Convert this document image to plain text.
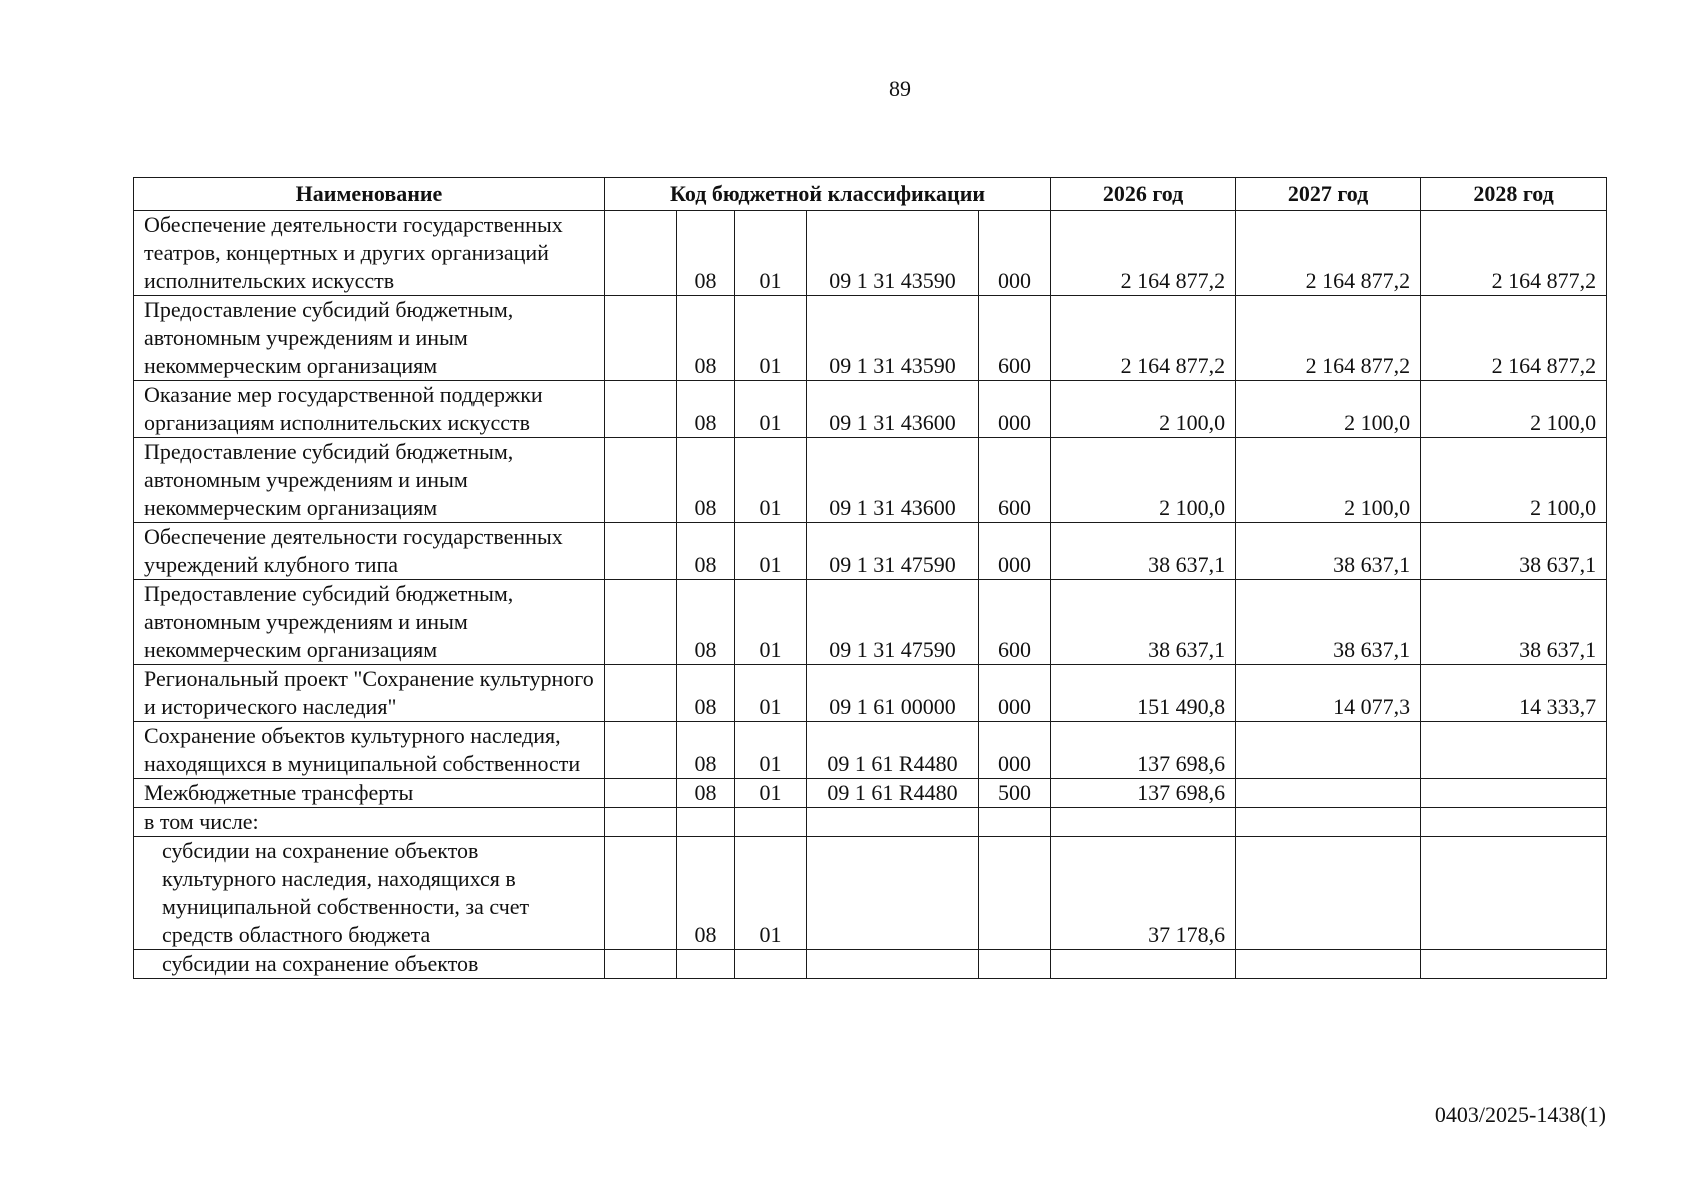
89
Наименование	Код бюджетной классификации					2026 год	2027 год	2028 год
Обеспечение деятельности государственных театров, концертных и других организаций исполнительских искусств		08	01	09 1 31 43590	000	2 164 877,2	2 164 877,2	2 164 877,2
Предоставление субсидий бюджетным, автономным учреждениям и иным некоммерческим организациям		08	01	09 1 31 43590	600	2 164 877,2	2 164 877,2	2 164 877,2
Оказание мер государственной поддержки организациям исполнительских искусств		08	01	09 1 31 43600	000	2 100,0	2 100,0	2 100,0
Предоставление субсидий бюджетным, автономным учреждениям и иным некоммерческим организациям		08	01	09 1 31 43600	600	2 100,0	2 100,0	2 100,0
Обеспечение деятельности государственных учреждений клубного типа		08	01	09 1 31 47590	000	38 637,1	38 637,1	38 637,1
Предоставление субсидий бюджетным, автономным учреждениям и иным некоммерческим организациям		08	01	09 1 31 47590	600	38 637,1	38 637,1	38 637,1
Региональный проект "Сохранение культурного и исторического наследия"		08	01	09 1 61 00000	000	151 490,8	14 077,3	14 333,7
Сохранение объектов культурного наследия, находящихся в муниципальной собственности		08	01	09 1 61 R4480	000	137 698,6		
Межбюджетные трансферты		08	01	09 1 61 R4480	500	137 698,6		
в том числе:								
субсидии на сохранение объектов культурного наследия, находящихся в муниципальной собственности, за счет средств областного бюджета		08	01			37 178,6		
субсидии на сохранение объектов								
0403/2025-1438(1)
